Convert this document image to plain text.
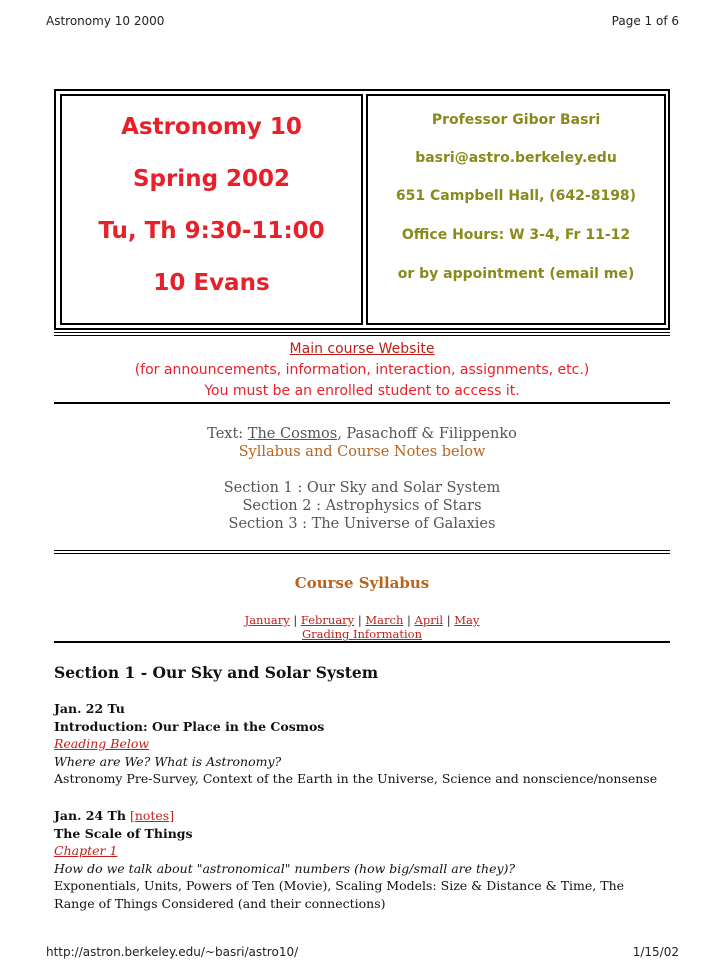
Astronomy 10 2000	Page 1 of 6
Astronomy 10
Spring 2002
Tu, Th 9:30-11:00
10 Evans
Professor Gibor Basri
basri@astro.berkeley.edu
651 Campbell Hall, (642-8198)
Office Hours: W 3-4, Fr 11-12
or by appointment (email me)
Main course Website
(for announcements, information, interaction, assignments, etc.)
You must be an enrolled student to access it.
Text: The Cosmos, Pasachoff & Filippenko
Syllabus and Course Notes below
Section 1 : Our Sky and Solar System
Section 2 : Astrophysics of Stars
Section 3 : The Universe of Galaxies
Course Syllabus
January | February | March | April | May
Grading Information
Section 1 - Our Sky and Solar System
Jan. 22 Tu
Introduction: Our Place in the Cosmos
Reading Below
Where are We? What is Astronomy?
Astronomy Pre-Survey, Context of the Earth in the Universe, Science and nonscience/nonsense
Jan. 24 Th [notes]
The Scale of Things
Chapter 1
How do we talk about "astronomical" numbers (how big/small are they)?
Exponentials, Units, Powers of Ten (Movie), Scaling Models: Size & Distance & Time, The Range of Things Considered (and their connections)
http://astron.berkeley.edu/~basri/astro10/	1/15/02
